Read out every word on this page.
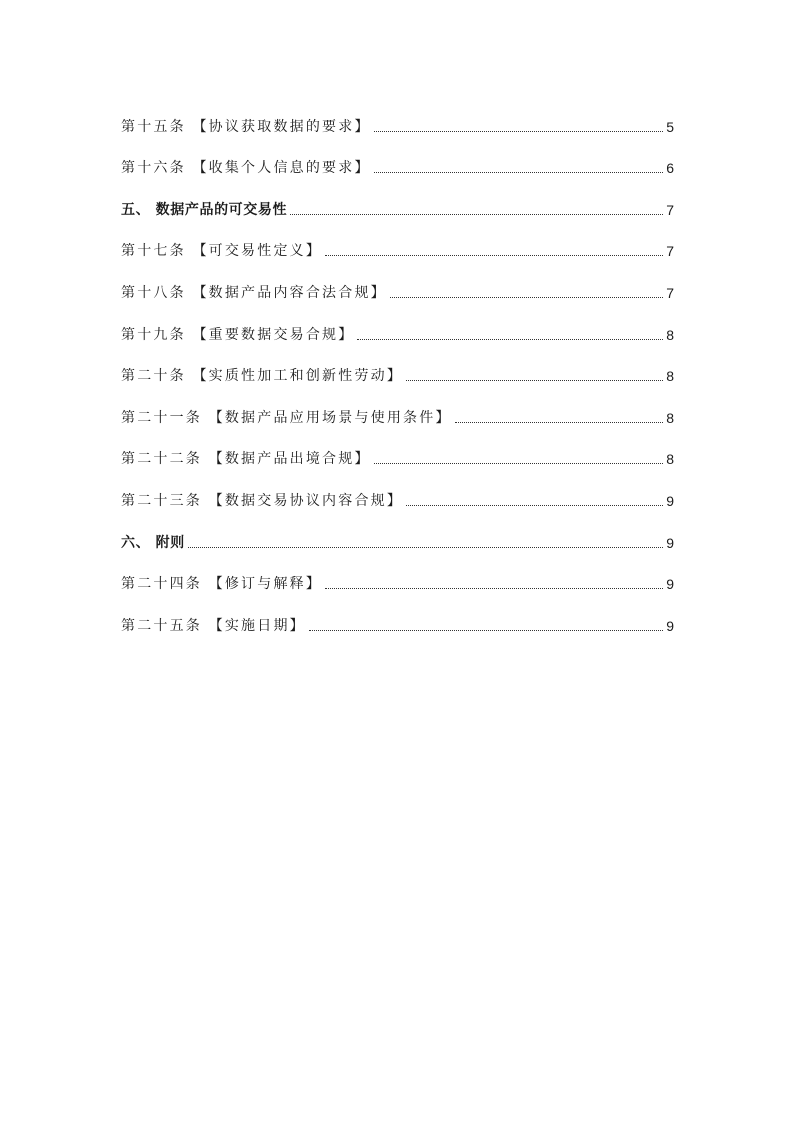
第十五条 【协议获取数据的要求】	5
第十六条 【收集个人信息的要求】	6
五、 数据产品的可交易性	7
第十七条 【可交易性定义】	7
第十八条 【数据产品内容合法合规】	7
第十九条 【重要数据交易合规】	8
第二十条 【实质性加工和创新性劳动】	8
第二十一条 【数据产品应用场景与使用条件】	8
第二十二条 【数据产品出境合规】	8
第二十三条 【数据交易协议内容合规】	9
六、 附则	9
第二十四条 【修订与解释】	9
第二十五条 【实施日期】	9
